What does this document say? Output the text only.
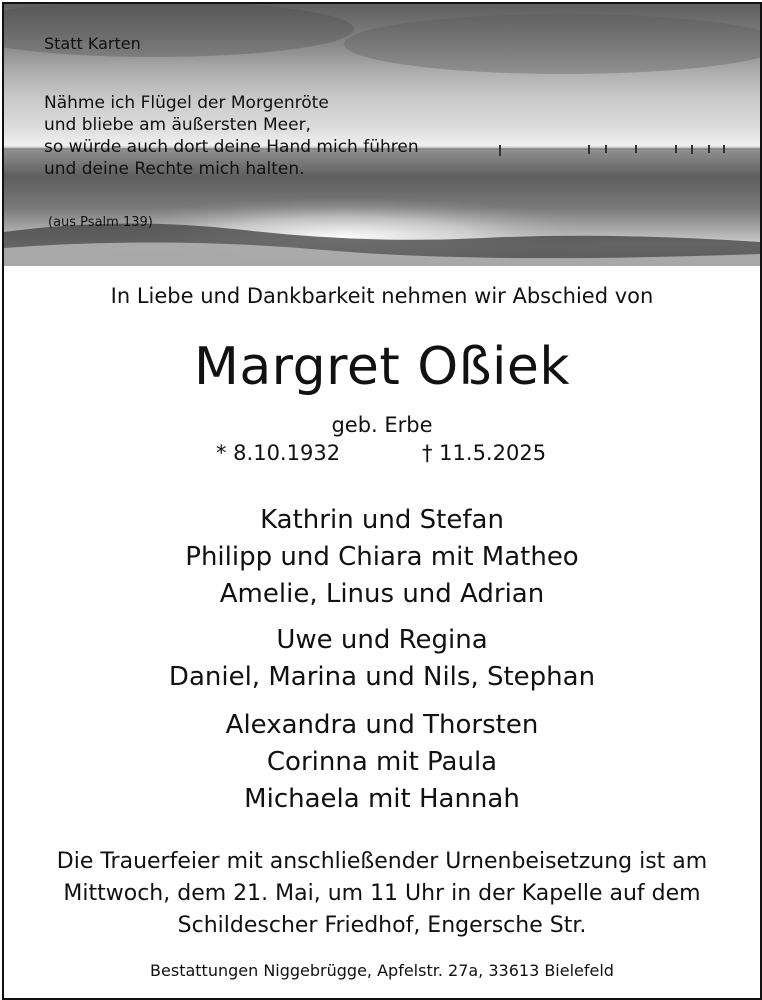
Statt Karten
Nähme ich Flügel der Morgenröte
und bliebe am äußersten Meer,
so würde auch dort deine Hand mich führen
und deine Rechte mich halten.
(aus Psalm 139)
In Liebe und Dankbarkeit nehmen wir Abschied von
Margret Oßiek
geb. Erbe
* 8.10.1932	† 11.5.2025
Kathrin und Stefan
Philipp und Chiara mit Matheo
Amelie, Linus und Adrian
Uwe und Regina
Daniel, Marina und Nils, Stephan
Alexandra und Thorsten
Corinna mit Paula
Michaela mit Hannah
Die Trauerfeier mit anschließender Urnenbeisetzung ist am
Mittwoch, dem 21. Mai, um 11 Uhr in der Kapelle auf dem
Schildescher Friedhof, Engersche Str.
Bestattungen Niggebrügge, Apfelstr. 27a, 33613 Bielefeld
